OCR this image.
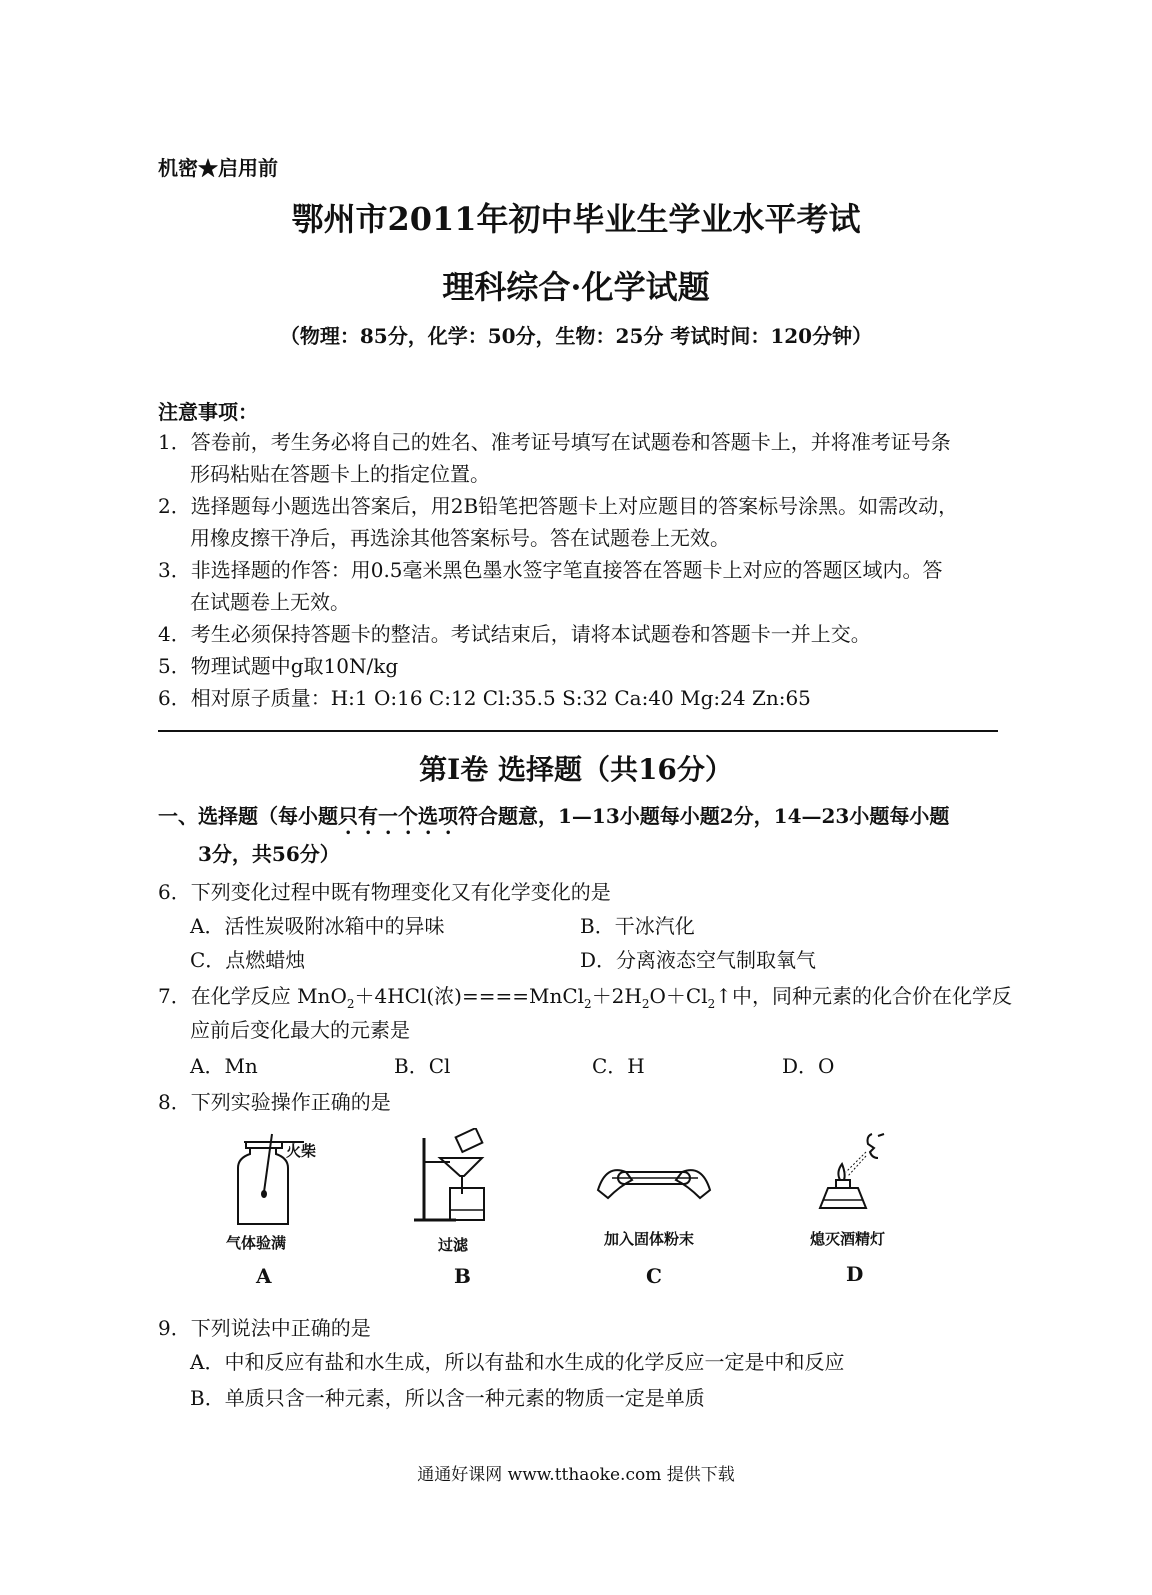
机密★启用前
鄂州市2011年初中毕业生学业水平考试
理科综合·化学试题
（物理：85分，化学：50分，生物：25分 考试时间：120分钟）
注意事项：
1．答卷前，考生务必将自己的姓名、准考证号填写在试题卷和答题卡上，并将准考证号条
形码粘贴在答题卡上的指定位置。
2．选择题每小题选出答案后，用2B铅笔把答题卡上对应题目的答案标号涂黑。如需改动，
用橡皮擦干净后，再选涂其他答案标号。答在试题卷上无效。
3．非选择题的作答：用0.5毫米黑色墨水签字笔直接答在答题卡上对应的答题区域内。答
在试题卷上无效。
4．考生必须保持答题卡的整洁。考试结束后，请将本试题卷和答题卡一并上交。
5．物理试题中g取10N/kg
6．相对原子质量：H:1 O:16 C:12 Cl:35.5 S:32 Ca:40 Mg:24 Zn:65
第Ⅰ卷 选择题（共16分）
一、选择题（每小题只有一个选项符合题意，1—13小题每小题2分，14—23小题每小题
3分，共56分）
6．下列变化过程中既有物理变化又有化学变化的是
A．活性炭吸附冰箱中的异味	B．干冰汽化
C．点燃蜡烛	D．分离液态空气制取氧气
7．在化学反应 MnO$_2$＋4HCl(浓)$====MnCl_2+2H_2O+Cl_2↑$中，同种元素的化合价在化学反
应前后变化最大的元素是
A．Mn	B．Cl	C．H	D．O
8．下列实验操作正确的是
火柴
气体验满
A
过滤
B
加入固体粉末
C
熄灭酒精灯
D
9．下列说法中正确的是
A．中和反应有盐和水生成，所以有盐和水生成的化学反应一定是中和反应
B．单质只含一种元素，所以含一种元素的物质一定是单质
通通好课网 www.tthaoke.com 提供下载
